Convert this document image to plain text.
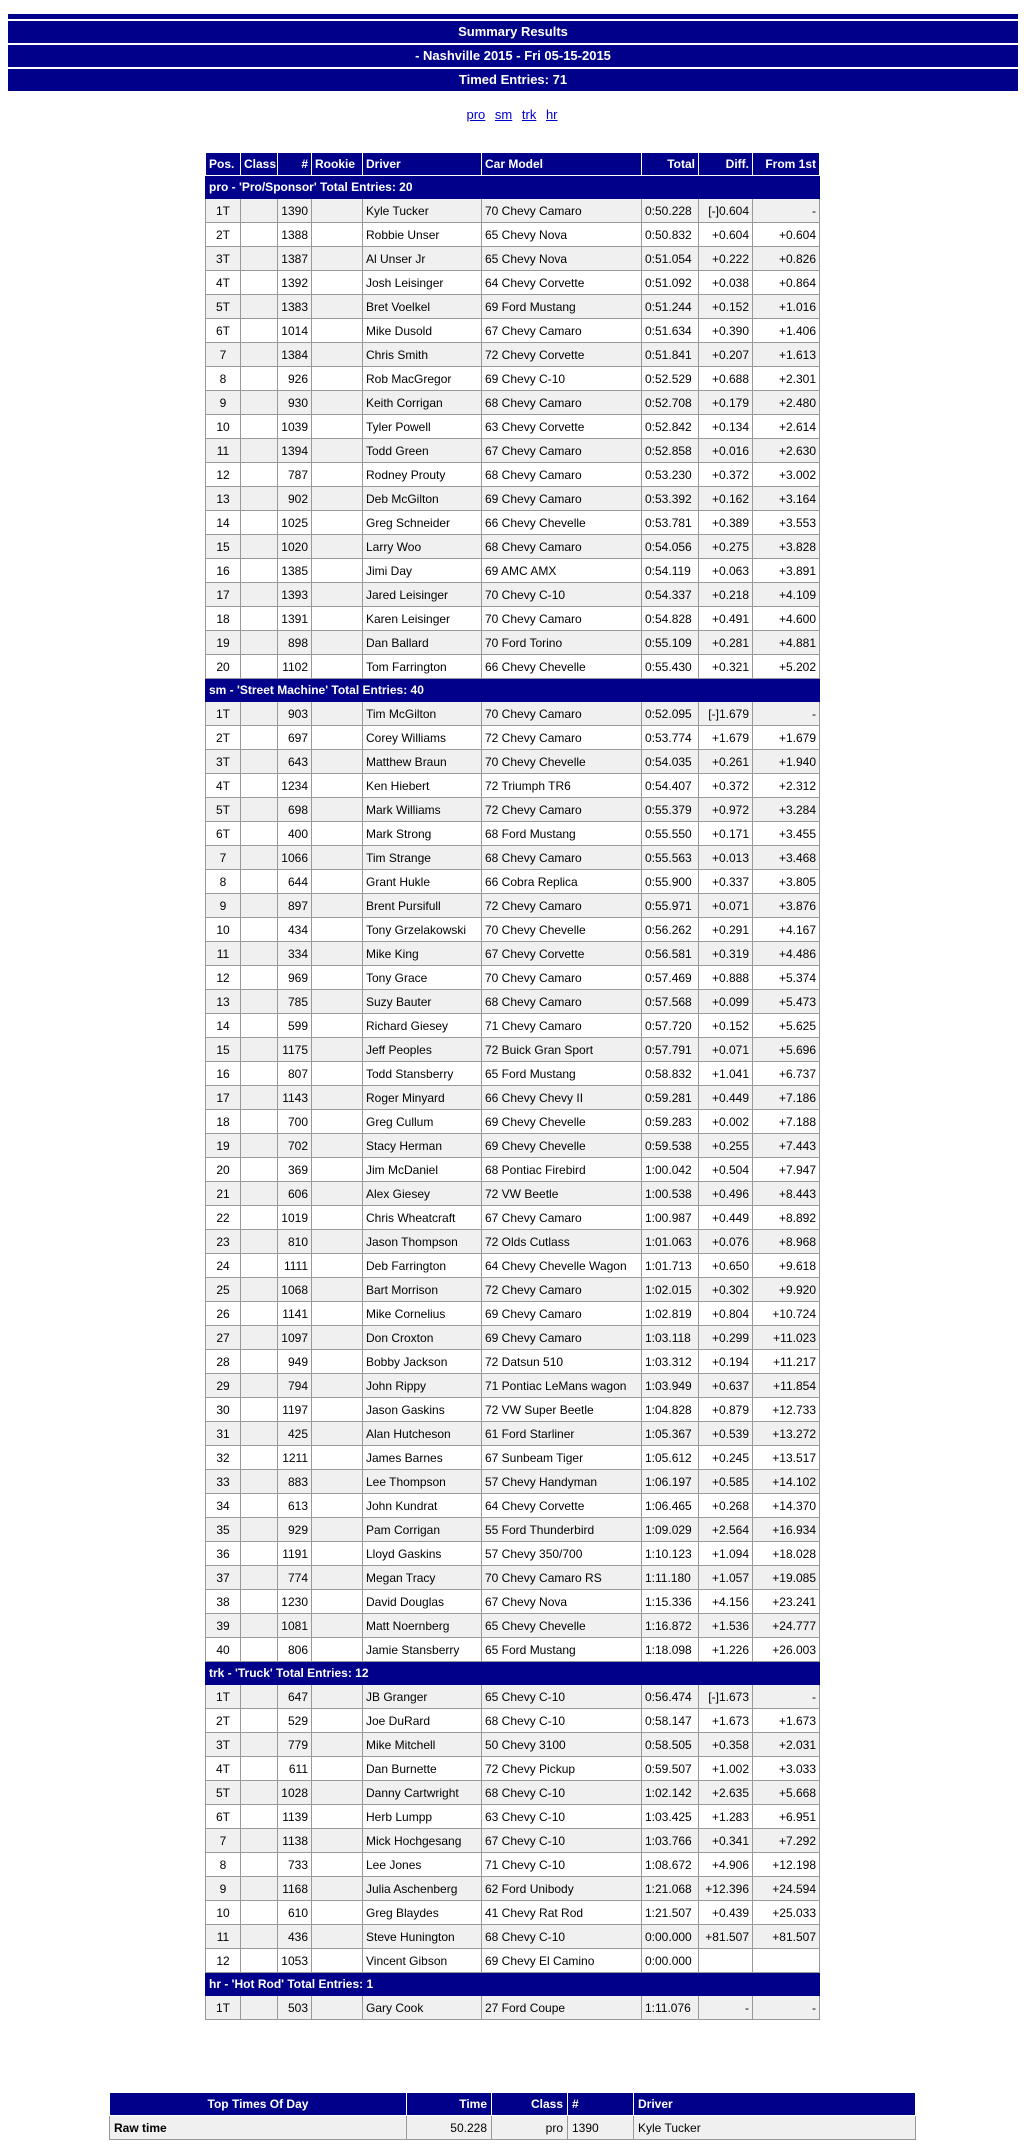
Summary Results
- Nashville 2015 - Fri 05-15-2015
Timed Entries: 71
pro sm trk hr
Pos.	Class	#	Rookie	Driver	Car Model	Total	Diff.	From 1st
pro - 'Pro/Sponsor' Total Entries: 20								
1T		1390		Kyle Tucker	70 Chevy Camaro	0:50.228	[-]0.604	-
2T		1388		Robbie Unser	65 Chevy Nova	0:50.832	+0.604	+0.604
3T		1387		Al Unser Jr	65 Chevy Nova	0:51.054	+0.222	+0.826
4T		1392		Josh Leisinger	64 Chevy Corvette	0:51.092	+0.038	+0.864
5T		1383		Bret Voelkel	69 Ford Mustang	0:51.244	+0.152	+1.016
6T		1014		Mike Dusold	67 Chevy Camaro	0:51.634	+0.390	+1.406
7		1384		Chris Smith	72 Chevy Corvette	0:51.841	+0.207	+1.613
8		926		Rob MacGregor	69 Chevy C-10	0:52.529	+0.688	+2.301
9		930		Keith Corrigan	68 Chevy Camaro	0:52.708	+0.179	+2.480
10		1039		Tyler Powell	63 Chevy Corvette	0:52.842	+0.134	+2.614
11		1394		Todd Green	67 Chevy Camaro	0:52.858	+0.016	+2.630
12		787		Rodney Prouty	68 Chevy Camaro	0:53.230	+0.372	+3.002
13		902		Deb McGilton	69 Chevy Camaro	0:53.392	+0.162	+3.164
14		1025		Greg Schneider	66 Chevy Chevelle	0:53.781	+0.389	+3.553
15		1020		Larry Woo	68 Chevy Camaro	0:54.056	+0.275	+3.828
16		1385		Jimi Day	69 AMC AMX	0:54.119	+0.063	+3.891
17		1393		Jared Leisinger	70 Chevy C-10	0:54.337	+0.218	+4.109
18		1391		Karen Leisinger	70 Chevy Camaro	0:54.828	+0.491	+4.600
19		898		Dan Ballard	70 Ford Torino	0:55.109	+0.281	+4.881
20		1102		Tom Farrington	66 Chevy Chevelle	0:55.430	+0.321	+5.202
sm - 'Street Machine' Total Entries: 40								
1T		903		Tim McGilton	70 Chevy Camaro	0:52.095	[-]1.679	-
2T		697		Corey Williams	72 Chevy Camaro	0:53.774	+1.679	+1.679
3T		643		Matthew Braun	70 Chevy Chevelle	0:54.035	+0.261	+1.940
4T		1234		Ken Hiebert	72 Triumph TR6	0:54.407	+0.372	+2.312
5T		698		Mark Williams	72 Chevy Camaro	0:55.379	+0.972	+3.284
6T		400		Mark Strong	68 Ford Mustang	0:55.550	+0.171	+3.455
7		1066		Tim Strange	68 Chevy Camaro	0:55.563	+0.013	+3.468
8		644		Grant Hukle	66 Cobra Replica	0:55.900	+0.337	+3.805
9		897		Brent Pursifull	72 Chevy Camaro	0:55.971	+0.071	+3.876
10		434		Tony Grzelakowski	70 Chevy Chevelle	0:56.262	+0.291	+4.167
11		334		Mike King	67 Chevy Corvette	0:56.581	+0.319	+4.486
12		969		Tony Grace	70 Chevy Camaro	0:57.469	+0.888	+5.374
13		785		Suzy Bauter	68 Chevy Camaro	0:57.568	+0.099	+5.473
14		599		Richard Giesey	71 Chevy Camaro	0:57.720	+0.152	+5.625
15		1175		Jeff Peoples	72 Buick Gran Sport	0:57.791	+0.071	+5.696
16		807		Todd Stansberry	65 Ford Mustang	0:58.832	+1.041	+6.737
17		1143		Roger Minyard	66 Chevy Chevy II	0:59.281	+0.449	+7.186
18		700		Greg Cullum	69 Chevy Chevelle	0:59.283	+0.002	+7.188
19		702		Stacy Herman	69 Chevy Chevelle	0:59.538	+0.255	+7.443
20		369		Jim McDaniel	68 Pontiac Firebird	1:00.042	+0.504	+7.947
21		606		Alex Giesey	72 VW Beetle	1:00.538	+0.496	+8.443
22		1019		Chris Wheatcraft	67 Chevy Camaro	1:00.987	+0.449	+8.892
23		810		Jason Thompson	72 Olds Cutlass	1:01.063	+0.076	+8.968
24		1111		Deb Farrington	64 Chevy Chevelle Wagon	1:01.713	+0.650	+9.618
25		1068		Bart Morrison	72 Chevy Camaro	1:02.015	+0.302	+9.920
26		1141		Mike Cornelius	69 Chevy Camaro	1:02.819	+0.804	+10.724
27		1097		Don Croxton	69 Chevy Camaro	1:03.118	+0.299	+11.023
28		949		Bobby Jackson	72 Datsun 510	1:03.312	+0.194	+11.217
29		794		John Rippy	71 Pontiac LeMans wagon	1:03.949	+0.637	+11.854
30		1197		Jason Gaskins	72 VW Super Beetle	1:04.828	+0.879	+12.733
31		425		Alan Hutcheson	61 Ford Starliner	1:05.367	+0.539	+13.272
32		1211		James Barnes	67 Sunbeam Tiger	1:05.612	+0.245	+13.517
33		883		Lee Thompson	57 Chevy Handyman	1:06.197	+0.585	+14.102
34		613		John Kundrat	64 Chevy Corvette	1:06.465	+0.268	+14.370
35		929		Pam Corrigan	55 Ford Thunderbird	1:09.029	+2.564	+16.934
36		1191		Lloyd Gaskins	57 Chevy 350/700	1:10.123	+1.094	+18.028
37		774		Megan Tracy	70 Chevy Camaro RS	1:11.180	+1.057	+19.085
38		1230		David Douglas	67 Chevy Nova	1:15.336	+4.156	+23.241
39		1081		Matt Noernberg	65 Chevy Chevelle	1:16.872	+1.536	+24.777
40		806		Jamie Stansberry	65 Ford Mustang	1:18.098	+1.226	+26.003
trk - 'Truck' Total Entries: 12								
1T		647		JB Granger	65 Chevy C-10	0:56.474	[-]1.673	-
2T		529		Joe DuRard	68 Chevy C-10	0:58.147	+1.673	+1.673
3T		779		Mike Mitchell	50 Chevy 3100	0:58.505	+0.358	+2.031
4T		611		Dan Burnette	72 Chevy Pickup	0:59.507	+1.002	+3.033
5T		1028		Danny Cartwright	68 Chevy C-10	1:02.142	+2.635	+5.668
6T		1139		Herb Lumpp	63 Chevy C-10	1:03.425	+1.283	+6.951
7		1138		Mick Hochgesang	67 Chevy C-10	1:03.766	+0.341	+7.292
8		733		Lee Jones	71 Chevy C-10	1:08.672	+4.906	+12.198
9		1168		Julia Aschenberg	62 Ford Unibody	1:21.068	+12.396	+24.594
10		610		Greg Blaydes	41 Chevy Rat Rod	1:21.507	+0.439	+25.033
11		436		Steve Hunington	68 Chevy C-10	0:00.000	+81.507	+81.507
12		1053		Vincent Gibson	69 Chevy El Camino	0:00.000		
hr - 'Hot Rod' Total Entries: 1								
1T		503		Gary Cook	27 Ford Coupe	1:11.076	-	-
Top Times Of Day	Time	Class	#	Driver
Raw time	50.228	pro	1390	Kyle Tucker
